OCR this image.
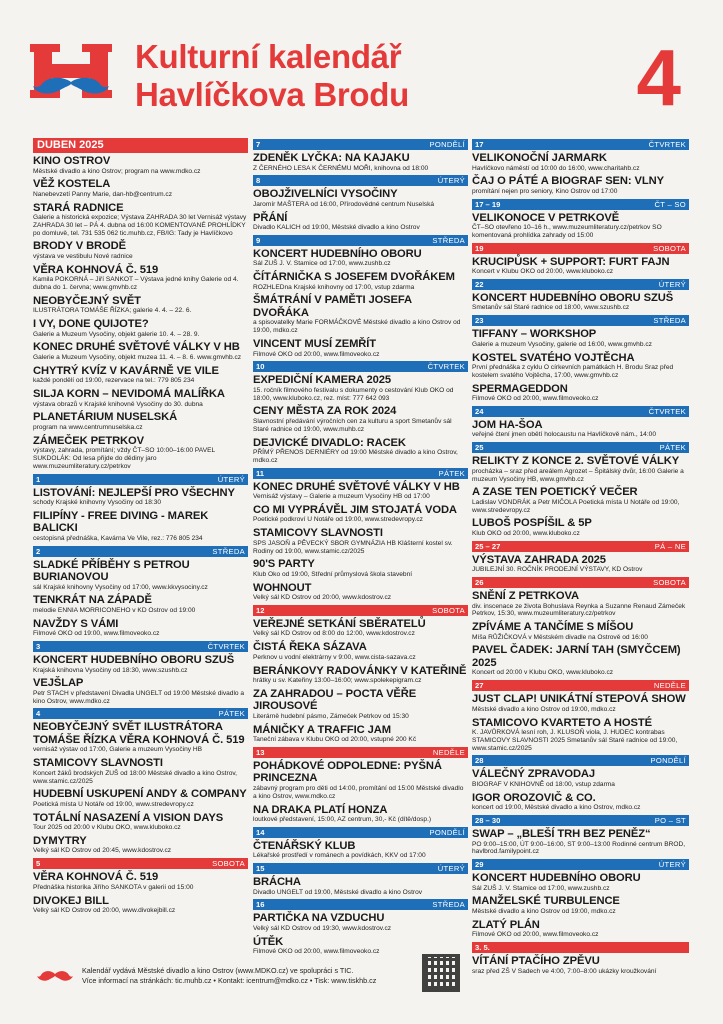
Kulturní kalendář
Havlíčkova Brodu	4
DUBEN 2025
KINO OSTROV
Městské divadlo a kino Ostrov; program na www.mdko.cz
VĚŽ KOSTELA
Nanebevzetí Panny Marie, dan-hb@centrum.cz
STARÁ RADNICE
Galerie a historická expozice; Výstava ZAHRADA 30 let Vernisáž výstavy ZAHRADA 30 let – PÁ 4. dubna od 16:00 KOMENTOVANÉ PROHLÍDKY po domluvě, tel. 731 535 062 tic.muhb.cz, FB/IG: Tady je Havlíčkovo
BRODY V BRODĚ
výstava ve vestibulu Nové radnice
VĚRA KOHNOVÁ Č. 519
Kamila POKORNÁ – Jiří SANKOT – Výstava jedné knihy Galerie od 4. dubna do 1. června; www.gmvhb.cz
NEOBYČEJNÝ SVĚT
ILUSTRÁTORA TOMÁŠE ŘÍZKA; galerie 4. 4. – 22. 6.
I VY, DONE QUIJOTE?
Galerie a Muzeum Vysočiny, objekt galerie 10. 4. – 28. 9.
KONEC DRUHÉ SVĚTOVÉ VÁLKY V HB
Galerie a Muzeum Vysočiny, objekt muzea 11. 4. – 8. 6. www.gmvhb.cz
CHYTRÝ KVÍZ V KAVÁRNĚ VE VILE
každé pondělí od 19:00, rezervace na tel.: 779 805 234
SILJA KORN – NEVIDOMÁ MALÍŘKA
výstava obrazů v Krajské knihovně Vysočiny do 30. dubna
PLANETÁRIUM NUSELSKÁ
program na www.centrumnuselska.cz
ZÁMEČEK PETRKOV
výstavy, zahrada, promítání; vždy ČT–SO 10:00–16:00 PAVEL SUKDOLÁK: Od lesa přijde do dědiny jaro www.muzeumliteratury.cz/petrkov
1	ÚTERÝ
LISTOVÁNÍ: NEJLEPŠÍ PRO VŠECHNY
schody Krajské knihovny Vysočiny od 18:30
FILIPÍNY - FREE DIVING - MAREK BALICKI
cestopisná přednáška, Kavárna Ve Vile, rez.: 776 805 234
2	STŘEDA
SLADKÉ PŘÍBĚHY S PETROU BURIANOVOU
sál Krajské knihovny Vysočiny od 17:00, www.kkvysociny.cz
TENKRÁT NA ZÁPADĚ
melodie ENNIA MORRICONEHO v KD Ostrov od 19:00
NAVŽDY S VÁMI
Filmové OKO od 19:00, www.filmoveoko.cz
3	ČTVRTEK
KONCERT HUDEBNÍHO OBORU SZUŠ
Krajská knihovna Vysočiny od 18:30, www.szushb.cz
VEJŠLAP
Petr STACH v představení Divadla UNGELT od 19:00 Městské divadlo a kino Ostrov, www.mdko.cz
4	PÁTEK
NEOBYČEJNÝ SVĚT ILUSTRÁTORA TOMÁŠE ŘÍZKA VĚRA KOHNOVÁ Č. 519
vernisáž výstav od 17:00, Galerie a muzeum Vysočiny HB
STAMICOVY SLAVNOSTI
Koncert žáků brodských ZUŠ od 18:00 Městské divadlo a kino Ostrov, www.stamic.cz/2025
HUDEBNÍ USKUPENÍ ANDY & COMPANY
Poetická místa U Notáře od 19:00, www.stredevropy.cz
TOTÁLNÍ NASAZENÍ A VISION DAYS
Tour 2025 od 20:00 v Klubu OKO, www.kluboko.cz
DYMYTRY
Velký sál KD Ostrov od 20:45, www.kdostrov.cz
5	SOBOTA
VĚRA KOHNOVÁ Č. 519
Přednáška historika Jiřího SANKOTA v galerii od 15:00
DIVOKEJ BILL
Velký sál KD Ostrov od 20:00, www.divokejbill.cz
7	PONDĚLÍ
ZDENĚK LYČKA: NA KAJAKU
Z ČERNÉHO LESA K ČERNÉMU MOŘI, knihovna od 18:00
8	ÚTERÝ
OBOJŽIVELNÍCI VYSOČINY
Jaromír MAŠTERA od 16:00, Přírodovědné centrum Nuselská
PŘÁNÍ
Divadlo KALICH od 19:00, Městské divadlo a kino Ostrov
9	STŘEDA
KONCERT HUDEBNÍHO OBORU
Sál ZUŠ J. V. Stamice od 17:00, www.zushb.cz
ČÍTÁRNIČKA S JOSEFEM DVOŘÁKEM
ROZHLEDna Krajské knihovny od 17:00, vstup zdarma
ŠMÁTRÁNÍ V PAMĚTI JOSEFA DVOŘÁKA
a spisovatelky Marie FORMÁČKOVÉ Městské divadlo a kino Ostrov od 19:00, mdko.cz
VINCENT MUSÍ ZEMŘÍT
Filmové OKO od 20:00, www.filmoveoko.cz
10	ČTVRTEK
EXPEDIČNÍ KAMERA 2025
15. ročník filmového festivalu s dokumenty o cestování Klub OKO od 18:00, www.kluboko.cz, rez. míst: 777 642 093
CENY MĚSTA ZA ROK 2024
Slavnostní předávání výročních cen za kulturu a sport Smetanův sál Staré radnice od 19:00, www.muhb.cz
DEJVICKÉ DIVADLO: RACEK
PŘÍMÝ PŘENOS DERNIÉRY od 19:00 Městské divadlo a kino Ostrov, mdko.cz
11	PÁTEK
KONEC DRUHÉ SVĚTOVÉ VÁLKY V HB
Vernisáž výstavy – Galerie a muzeum Vysočiny HB od 17:00
CO MI VYPRÁVĚL JIM STOJATÁ VODA
Poetické podkroví U Notáře od 19:00, www.stredevropy.cz
STAMICOVY SLAVNOSTI
SPS JASOŇ a PĚVECKÝ SBOR GYMNÁZIA HB Klášterní kostel sv. Rodiny od 19:00, www.stamic.cz/2025
90'S PARTY
Klub Oko od 19:00, Střední průmyslová škola stavební
WOHNOUT
Velký sál KD Ostrov od 20:00, www.kdostrov.cz
12	SOBOTA
VEŘEJNÉ SETKÁNÍ SBĚRATELŮ
Velký sál KD Ostrov od 8:00 do 12:00, www.kdostrov.cz
ČISTÁ ŘEKA SÁZAVA
Perknov u vodní elektrárny v 9:00, www.cista-sazava.cz
BERÁNKOVY RADOVÁNKY V KATEŘINĚ
hrátky u sv. Kateřiny 13:00–16:00; www.spolekepigram.cz
ZA ZAHRADOU – POCTA VĚŘE JIROUSOVÉ
Literárně hudební pásmo, Zámeček Petrkov od 15:30
MÁNIČKY A TRAFFIC JAM
Taneční zábava v Klubu OKO od 20:00, vstupné 200 Kč
13	NEDĚLE
POHÁDKOVÉ ODPOLEDNE: PYŠNÁ PRINCEZNA
zábavný program pro děti od 14:00, promítání od 15:00 Městské divadlo a kino Ostrov, www.mdko.cz
NA DRAKA PLATÍ HONZA
loutkové představení, 15:00, AZ centrum, 30,- Kč (dítě/dosp.)
14	PONDĚLÍ
ČTENÁŘSKÝ KLUB
Lékařské prostředí v románech a povídkách, KKV od 17:00
15	ÚTERÝ
BRÁCHA
Divadlo UNGELT od 19:00, Městské divadlo a kino Ostrov
16	STŘEDA
PARTIČKA NA VZDUCHU
Velký sál KD Ostrov od 19:30, www.kdostrov.cz
ÚTĚK
Filmové OKO od 20:00, www.filmoveoko.cz
17	ČTVRTEK
VELIKONOČNÍ JARMARK
Havlíčkovo náměstí od 10:00 do 16:00, www.charitahb.cz
ČAJ O PÁTÉ A BIOGRAF SEN: VLNY
promítání nejen pro seniory, Kino Ostrov od 17:00
17 – 19	ČT – SO
VELIKONOCE V PETRKOVĚ
ČT–SO otevřeno 10–16 h., www.muzeumliteratury.cz/petrkov SO komentovaná prohlídka zahrady od 15:00
19	SOBOTA
KRUCIPŮSK + SUPPORT: FURT FAJN
Koncert v Klubu OKO od 20:00, www.kluboko.cz
22	ÚTERÝ
KONCERT HUDEBNÍHO OBORU SZUŠ
Smetanův sál Staré radnice od 18:00, www.szushb.cz
23	STŘEDA
TIFFANY – WORKSHOP
Galerie a muzeum Vysočiny, galerie od 16:00, www.gmvhb.cz
KOSTEL SVATÉHO VOJTĚCHA
První přednáška z cyklu O církevních památkách H. Brodu Sraz před kostelem svatého Vojtěcha, 17:00, www.gmvhb.cz
SPERMAGEDDON
Filmové OKO od 20:00, www.filmoveoko.cz
24	ČTVRTEK
JOM HA-ŠOA
veřejné čtení jmen obětí holocaustu na Havlíčkově nám., 14:00
25	PÁTEK
RELIKTY Z KONCE 2. SVĚTOVÉ VÁLKY
procházka – sraz před areálem Agrozet – Špitálský dvůr, 16:00 Galerie a muzeum Vysočiny HB, www.gmvhb.cz
A ZASE TEN POETICKÝ VEČER
Ladislav VONDRÁK a Petr MIČOLA Poetická místa U Notáře od 19:00, www.stredevropy.cz
LUBOŠ POSPÍŠIL & 5P
Klub OKO od 20:00, www.kluboko.cz
25 – 27	PÁ – NE
VÝSTAVA ZAHRADA 2025
JUBILEJNÍ 30. ROČNÍK PRODEJNÍ VÝSTAVY, KD Ostrov
26	SOBOTA
SNĚNÍ Z PETRKOVA
div. inscenace ze života Bohuslava Reynka a Suzanne Renaud Zámeček Petrkov, 15:30, www.muzeumliteratury.cz/petrkov
ZPÍVÁME A TANČÍME S MÍŠOU
Míša RŮŽIČKOVÁ v Městském divadle na Ostrově od 16:00
PAVEL ČADEK: JARNÍ TAH (SMYČCEM) 2025
Koncert od 20:00 v Klubu OKO, www.kluboko.cz
27	NEDĚLE
JUST CLAP! UNIKÁTNÍ STEPOVÁ SHOW
Městské divadlo a kino Ostrov od 19:00, mdko.cz
STAMICOVO KVARTETO A HOSTÉ
K. JAVŮRKOVÁ lesní roh, J. KLUSOŇ viola, J. HUDEC kontrabas STAMICOVY SLAVNOSTI 2025 Smetanův sál Staré radnice od 19:00, www.stamic.cz/2025
28	PONDĚLÍ
VÁLEČNÝ ZPRAVODAJ
BIOGRAF V KNIHOVNĚ od 18:00, vstup zdarma
IGOR OROZOVIČ & CO.
koncert od 19:00, Městské divadlo a kino Ostrov, mdko.cz
28 – 30	PO – ST
SWAP – „BLEŠÍ TRH BEZ PENĚZ“
PO 9:00–15:00, ÚT 9:00–16:00, ST 9:00–13:00 Rodinné centrum BROD, havlbrod.familypoint.cz
29	ÚTERÝ
KONCERT HUDEBNÍHO OBORU
Sál ZUŠ J. V. Stamice od 17:00, www.zushb.cz
MANŽELSKÉ TURBULENCE
Městské divadlo a kino Ostrov od 19:00, mdko.cz
ZLATÝ PLÁN
Filmové OKO od 20:00, www.filmoveoko.cz
3. 5.
VÍTÁNÍ PTAČÍHO ZPĚVU
sraz před ZŠ V Sadech ve 4:00, 7:00–8:00 ukázky kroužkování
Kalendář vydává Městské divadlo a kino Ostrov (www.MDKO.cz) ve spolupráci s TIC.
Více informací na stránkách: tic.muhb.cz • Kontakt: icentrum@mdko.cz • Tisk: www.tiskhb.cz
